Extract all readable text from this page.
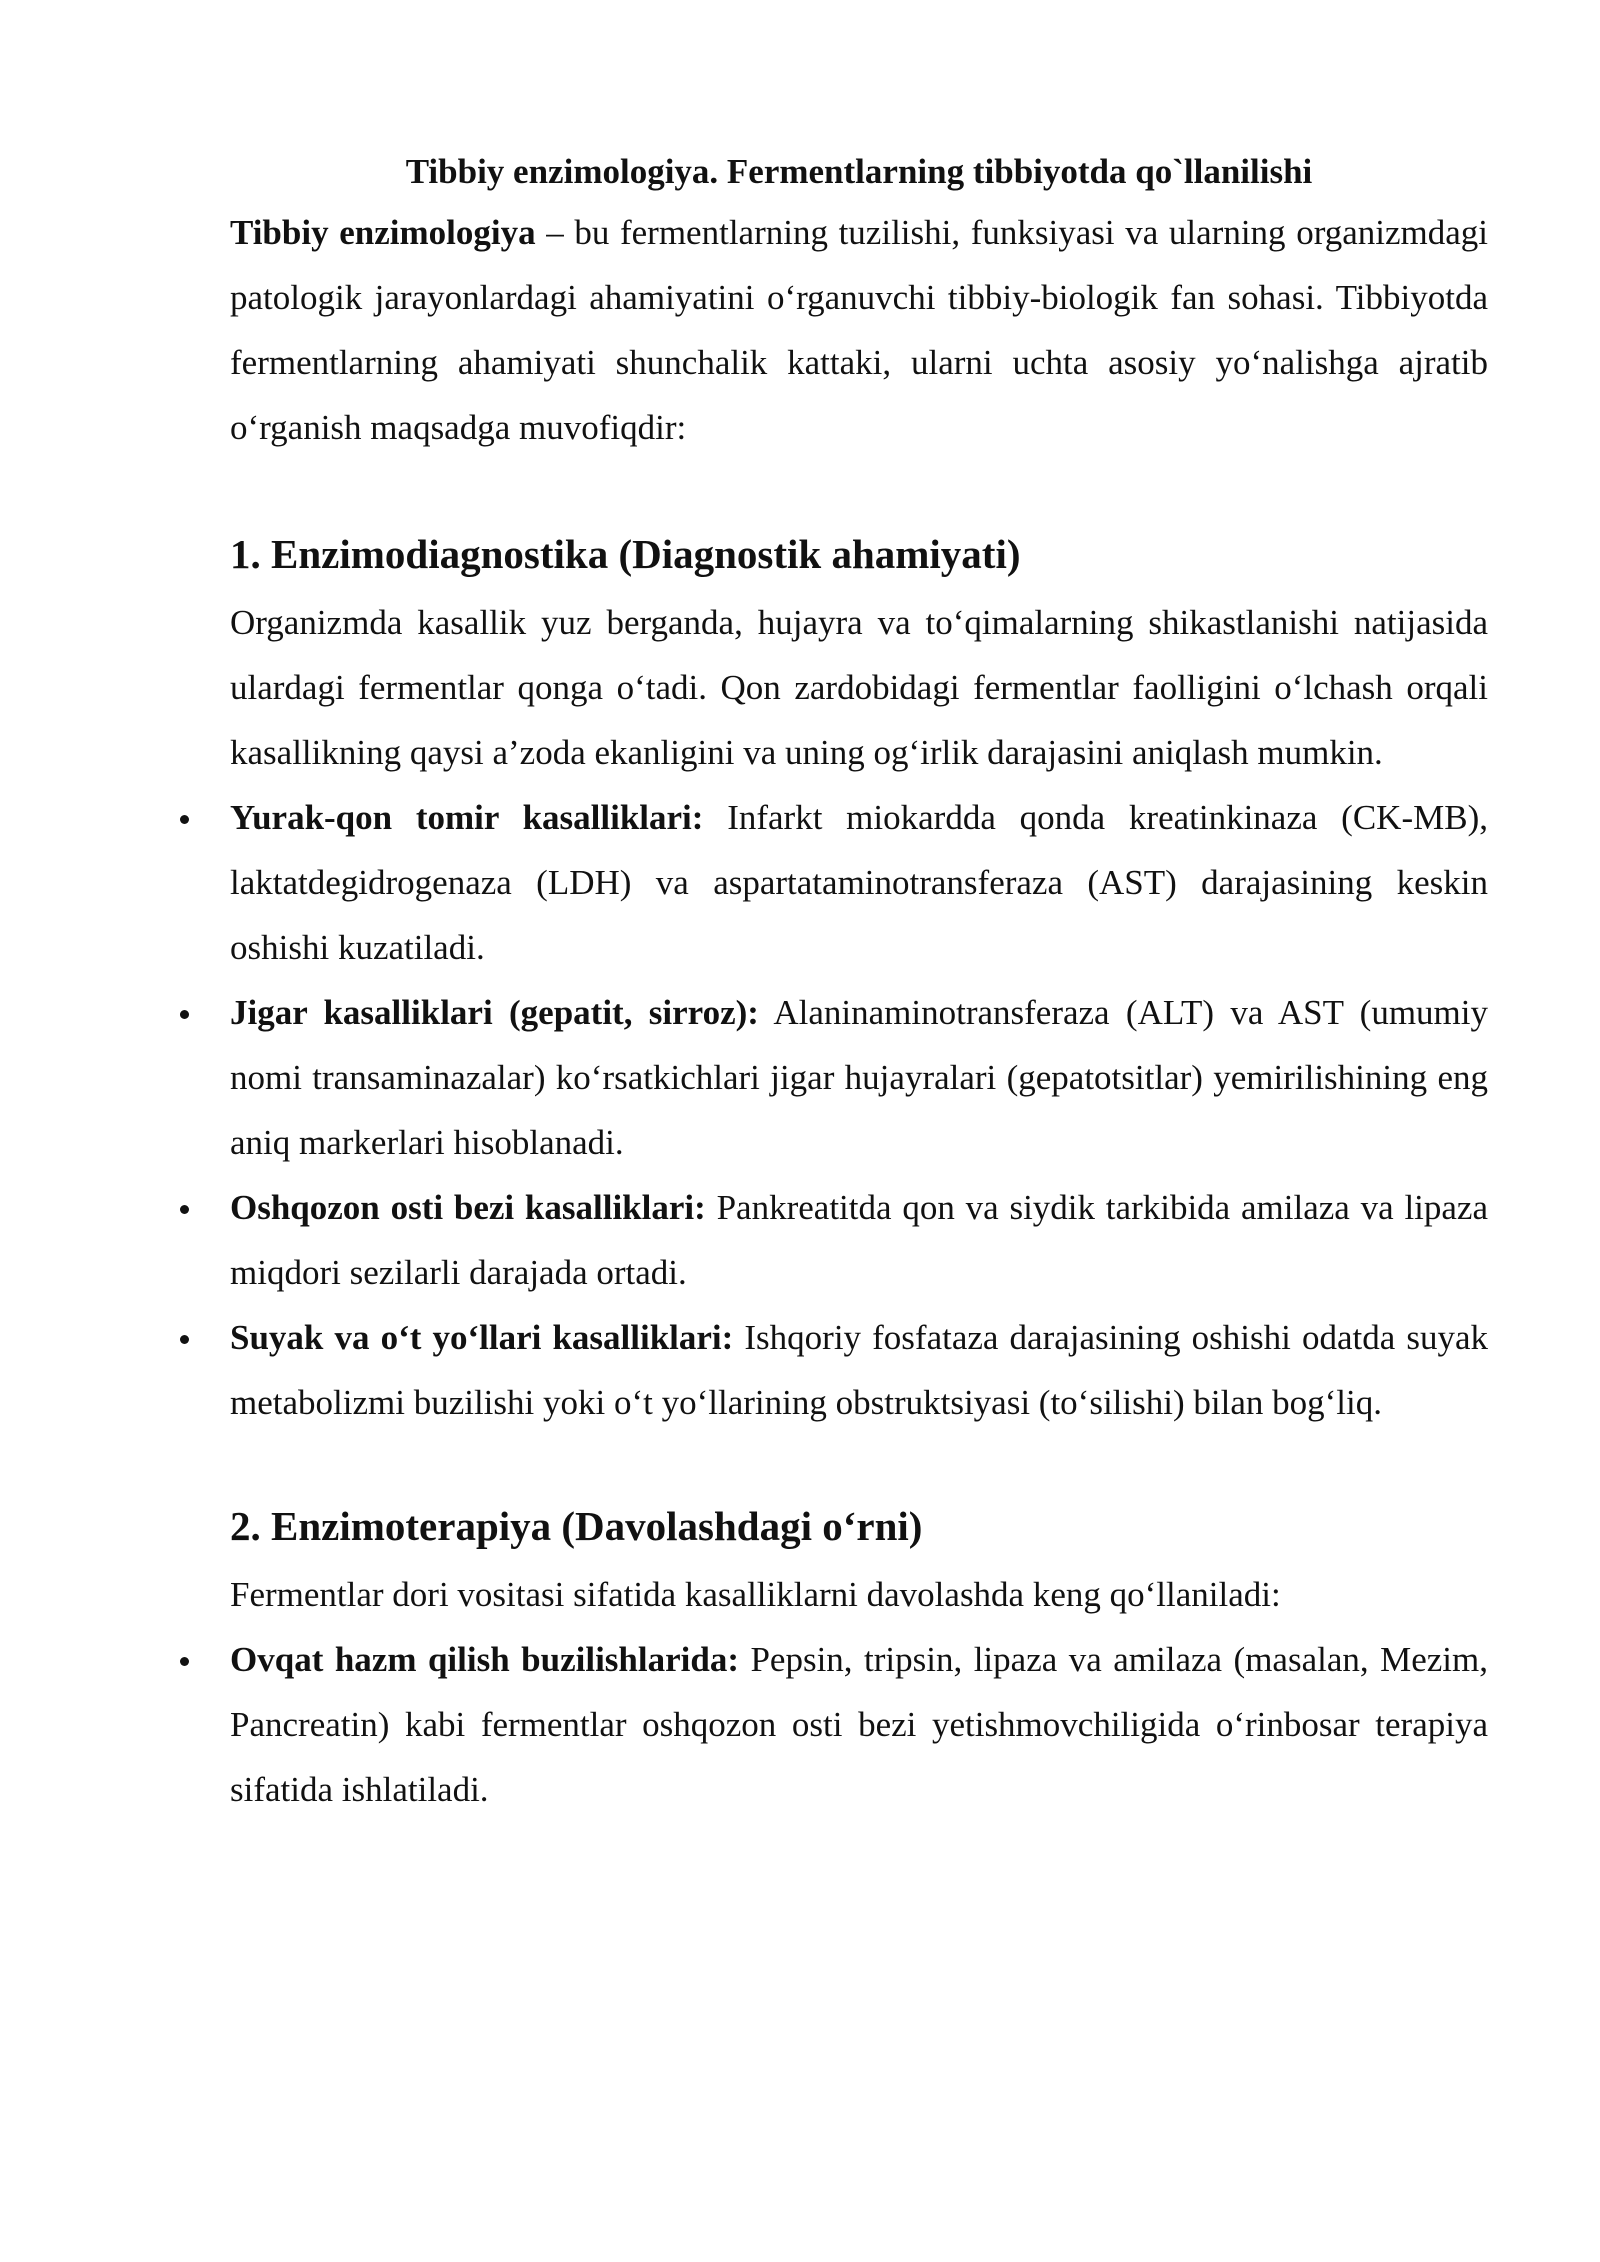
Tibbiy enzimologiya. Fermentlarning tibbiyotda qo`llanilishi

Tibbiy enzimologiya – bu fermentlarning tuzilishi, funksiyasi va ularning organizmdagi patologik jarayonlardagi ahamiyatini o‘rganuvchi tibbiy-biologik fan sohasi. Tibbiyotda fermentlarning ahamiyati shunchalik kattaki, ularni uchta asosiy yo‘nalishga ajratib o‘rganish maqsadga muvofiqdir:

1. Enzimodiagnostika (Diagnostik ahamiyati)

Organizmda kasallik yuz berganda, hujayra va to‘qimalarning shikastlanishi natijasida ulardagi fermentlar qonga o‘tadi. Qon zardobidagi fermentlar faolligini o‘lchash orqali kasallikning qaysi a’zoda ekanligini va uning og‘irlik darajasini aniqlash mumkin.

Yurak-qon tomir kasalliklari: Infarkt miokardda qonda kreatinkinaza (CK-MB), laktatdegidrogenaza (LDH) va aspartataminotransferaza (AST) darajasining keskin oshishi kuzatiladi.
Jigar kasalliklari (gepatit, sirroz): Alaninaminotransferaza (ALT) va AST (umumiy nomi transaminazalar) ko‘rsatkichlari jigar hujayralari (gepatotsitlar) yemirilishining eng aniq markerlari hisoblanadi.
Oshqozon osti bezi kasalliklari: Pankreatitda qon va siydik tarkibida amilaza va lipaza miqdori sezilarli darajada ortadi.
Suyak va o‘t yo‘llari kasalliklari: Ishqoriy fosfataza darajasining oshishi odatda suyak metabolizmi buzilishi yoki o‘t yo‘llarining obstruktsiyasi (to‘silishi) bilan bog‘liq.
2. Enzimoterapiya (Davolashdagi o‘rni)

Fermentlar dori vositasi sifatida kasalliklarni davolashda keng qo‘llaniladi:

Ovqat hazm qilish buzilishlarida: Pepsin, tripsin, lipaza va amilaza (masalan, Mezim, Pancreatin) kabi fermentlar oshqozon osti bezi yetishmovchiligida o‘rinbosar terapiya sifatida ishlatiladi.
